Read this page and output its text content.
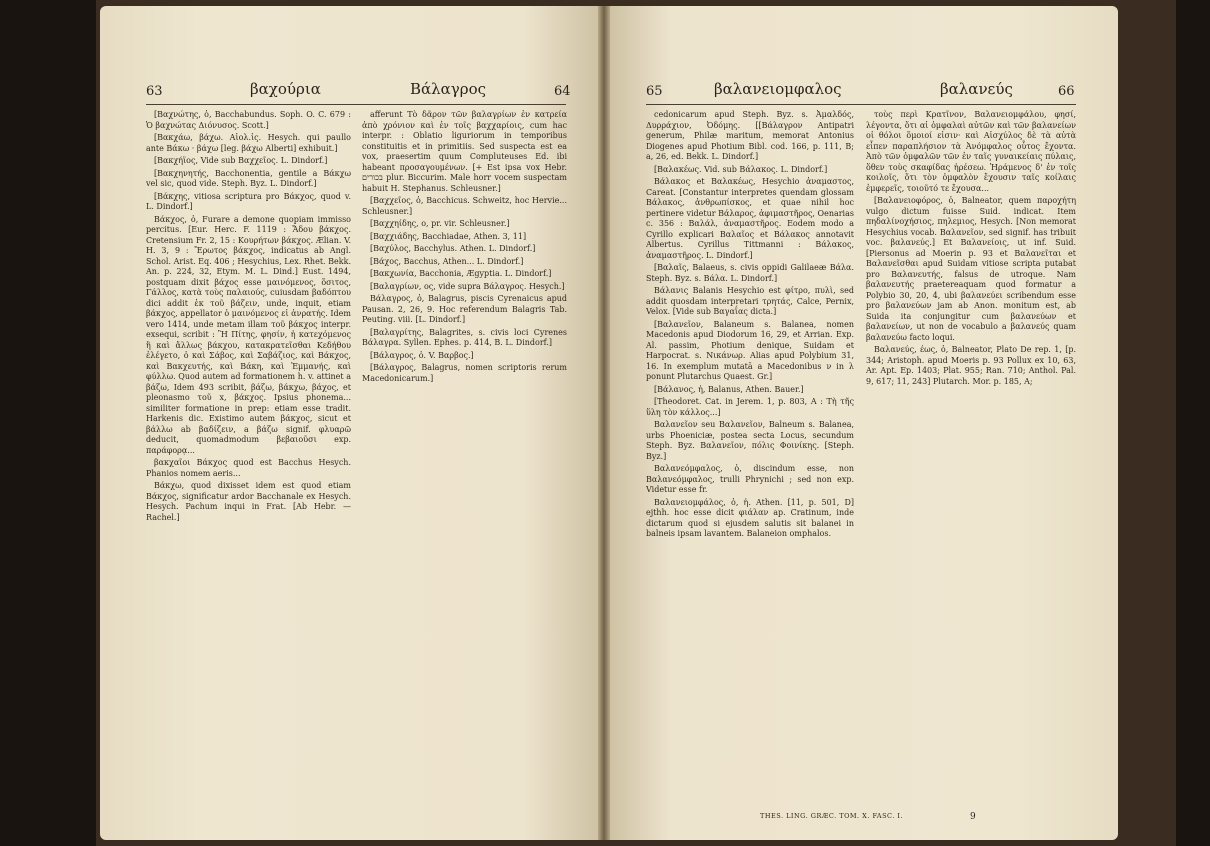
63	βαχούρια	Βάλαγρος	64

[Βαχνώτης, ὁ, Bacchabundus. Soph. O. C. 679 : Ὁ βαχνώτας Διόνυσος. Scott.]

[Βακχάω, βάχω. Αἰολ.ἰς. Hesych. qui paullo ante Βάκω · βάχω [leg. βάχω Alberti] exhibuit.]

[Βακχήϊος, Vide sub Βαχχεῖος. L. Dindorf.]

[Βακχηνητής, Bacchonentia, gentile a Βάκχω vel sic, quod vide. Steph. Byz. L. Dindorf.]

[Βάκχης, vitiosa scriptura pro Βάκχος, quod v. L. Dindorf.]

Βάκχος, ὁ, Furare a demone quopiam immisso percitus. [Eur. Herc. F. 1119 : Ἄδου βάκχος. Cretensium Fr. 2, 15 : Κουρήτων βάκχος. Ælian. V. H. 3, 9 : Ἔρωτος βάκχος, indicatus ab Angl. Schol. Arist. Eq. 406 ; Hesychius, Lex. Rhet. Bekk. An. p. 224, 32, Etym. M. L. Dind.] Eust. 1494, postquam dixit βάχος esse μαινόμενος, ὅσιτος, Γάλλος, κατὰ τοὺς παλαιούς, cuiusdam βαδόπτου dici addit ἐκ τοῦ βάζειν, unde, inquit, etiam βάκχος, appellator ὁ μαινόμενος εἰ ἀνρατής. Idem vero 1414, unde metam illam τοῦ βάκχος interpr. exsequi, scribit : Ἢ Πίτης, φησίν, ἡ κατεχόμενος ἢ καὶ ἄλλως βάκχου, κατακρατεῖσθαι Κεδήθου ἐλέγετο, ὁ καὶ Σάβος, καὶ Σαβάζιος, καὶ Βάκχος, καὶ Βακχευτής, καὶ Βάκη, καὶ Ἐμμανής, καὶ φύλλω. Quod autem ad formationem h. v. attinet a βάζω, Idem 493 scribit, βάζω, βάκχω, βάχος, et pleonasmo τοῦ x, βάκχος. Ipsius phonema... similiter formatione in prep: etiam esse tradit. Harkenis dic. Existimo autem βάκχος, sicut et βάλλω ab βαδίζειν, a βάζω signif. φλυαρῶ deducit, quomadmodum βεβαιοῦσι exp. παράφορᾳ...

βακχαῖοι Βάκχος quod est Bacchus Hesych. Phanios nomem aeris...

Βάκχω, quod dixisset idem est quod etiam Βάκχος, significatur ardor Bacchanale ex Hesych. Hesych. Pachum inqui in Frat. [Ab Hebr. — Rachel.]

afferunt Τὸ δᾶρον τῶν βαλαγρίων ἐν κατρεία ἀπὸ χρόνιον καὶ ἐν τοῖς βαχχαρίοις, cum hac interpr. : Oblatio liguriorum in temporibus constituitis et in primitiis. Sed suspecta est ea vox, praesertim quum Compluteuses Ed. ibi habeant προσαγουμένων. [+ Est ipsa vox Hebr. בכורים plur. Biccurim. Male horr vocem suspectam habuit H. Stephanus. Schleusner.]

[Βαχχεῖος, ὁ, Bacchicus. Schweitz, hoc Hervie... Schleusner.]

[Βαχχηίδης, ο, pr. vir. Schleusner.]

[Βαχχιάδης, Bacchiadae, Athen. 3, 11]

[Βαχύλος, Bacchylus. Athen. L. Dindorf.]

[Βάχος, Bacchus, Athen... L. Dindorf.]

[Βακχωνία, Bacchonia, Ægyptia. L. Dindorf.]

[Βαλαγρίων, ος, vide supra Βάλαγρος. Hesych.]

Βάλαγρος, ὁ, Balagrus, piscis Cyrenaicus apud Pausan. 2, 26, 9. Hoc referendum Balagris Tab. Peuting. viii. [L. Dindorf.]

[Βαλαγρίτης, Balagrites, s. civis loci Cyrenes Βάλαγρα. Syllen. Ephes. p. 414, B. L. Dindorf.]

[Βάλαγρος, ὁ. V. Βαρβος.]

[Βάλαγρος, Balagrus, nomen scriptoris rerum Macedonicarum.]

65	βαλανειομφαλος	βαλανεύς	66

cedonicarum apud Steph. Byz. s. Ἀμαλδός, Δυρράχιον, Ὀδόμης. [[Βάλαγρον Antipatri generum, Philæ maritum, memorat Antonius Diogenes apud Photium Bibl. cod. 166, p. 111, B; a, 26, ed. Bekk. L. Dindorf.]

[Βαλακέως. Vid. sub Βάλακος. L. Dindorf.]

Βάλακος et Βαλακέως, Hesychio ἀναμαστος, Careat. [Constantur interpretes quendam glossam Βάλακος, ἀνθρωπίσκος, et quae nihil hoc pertinere videtur Βάλαρος, ἀφιμαστῆρος, Oenarias c. 356 : Βαλάλ, ἀναμαστῆρος. Eodem modo a Cyrillo explicari Βαλαῖος et Βάλακος annotavit Albertus. Cyrillus Tittmanni : Βάλακος, ἀναμαστῆρος. L. Dindorf.]

[Βαλαῖς, Balaeus, s. civis oppidi Galilaeæ Βάλα. Steph. Byz. s. Βάλα. L. Dindorf.]

Βάλανις Balanis Hesychio est φίτρο, πυλὶ, sed addit quosdam interpretari τρητάς, Calce, Pernix, Velox. [Vide sub Βαγαΐας dicta.]

[Βαλανεῖον, Balaneum s. Balanea, nomen Macedonis apud Diodorum 16, 29, et Arrian. Exp. Al. passim, Photium denique, Suidam et Harpocrat. s. Νικάνωρ. Alias apud Polybium 31, 16. In exemplum mutatā a Macedonibus ν in λ ponunt Plutarchus Quaest. Gr.]

[Βάλανος, ἡ, Balanus, Athen. Bauer.]

[Theodoret. Cat. in Jerem. 1, p. 803, A : Τὴ τῆς ὕλη τὸν κάλλος...]

Βαλανεῖον seu Βαλανεῖον, Balneum s. Balanea, urbs Phoeniciæ, postea secta Locus, secundum Steph. Byz. Βαλανεῖον, πόλις Φοινίκης. [Steph. Byz.]

Βαλανεόμφαλος, ὁ, discindum esse, non Βαλανεόμφαλος, trulli Phrynichi ; sed non exp. Videtur esse fr.

Βαλανειομφάλος, ὁ, ἡ. Athen. [11, p. 501, D] ejthh. hoc esse dicit φιάλαν ap. Cratinum, inde dictarum quod si ejusdem salutis sit balanei in balneis ipsam lavantem. Balaneion omphalos.

τοὺς περὶ Κρατῖνον, Βαλανειομφάλου, φησί, λέγοντα, ὅτι αἱ ὀμφαλαὶ αὐτῶν καὶ τῶν βαλανείων οἱ θόλοι ὅμοιοί εἰσιν· καὶ Αἰσχύλος δὲ τὰ αὐτὰ εἶπεν παραπλήσιον τὰ Ἀνόμφαλος οὗτος ἔχοντα. Ἀπὸ τῶν ὀμφαλῶν τῶν ἐν ταῖς γυναικείαις πύλαις, ὅθεν τοὺς σκαφίδας ἡρέσεω. Ἠράμενος δ' ἐν τοῖς κοιλοῖς, ὅτι τὸν ὀμφαλὸν ἔχουσιν ταῖς κοίλαις ἐμφερεῖς, τοιοῦτό τε ἔχουσα...

[Βαλανειοφόρος, ὁ, Balneator, quem παροχήτη vulgo dictum fuisse Suid. indicat. Item πηδαλίνοχήσιος, πηλεμιος, Hesych. [Non memorat Hesychius vocab. Βαλανεῖον, sed signif. has tribuit voc. βαλανεύς.] Et Βαλανείοις, ut inf. Suid. [Piersonus ad Moerin p. 93 et Βαλανεῖται et Βαλανεῖσθαι apud Suidam vitiose scripta putabat pro Βαλανευτής, falsus de utroque. Nam βαλανευτής praetereaquam quod formatur a Polybio 30, 20, 4, ubi βαλανεύει scribendum esse pro βαλανεύων jam ab Anon. monitum est, ab Suida ita conjungitur cum βαλανεύων et βαλανείων, ut non de vocabulo a βαλανεύς quam βαλανεύω facto loqui.

Βαλανεύς, έως, ὁ, Balneator, Plato De rep. 1, [p. 344; Aristoph. apud Moeris p. 93 Pollux ex 10, 63, Ar. Apt. Ep. 1403; Plat. 955; Ran. 710; Anthol. Pal. 9, 617; 11, 243] Plutarch. Mor. p. 185, A;

THES. LING. GRÆC. TOM. X. FASC. I.	9
